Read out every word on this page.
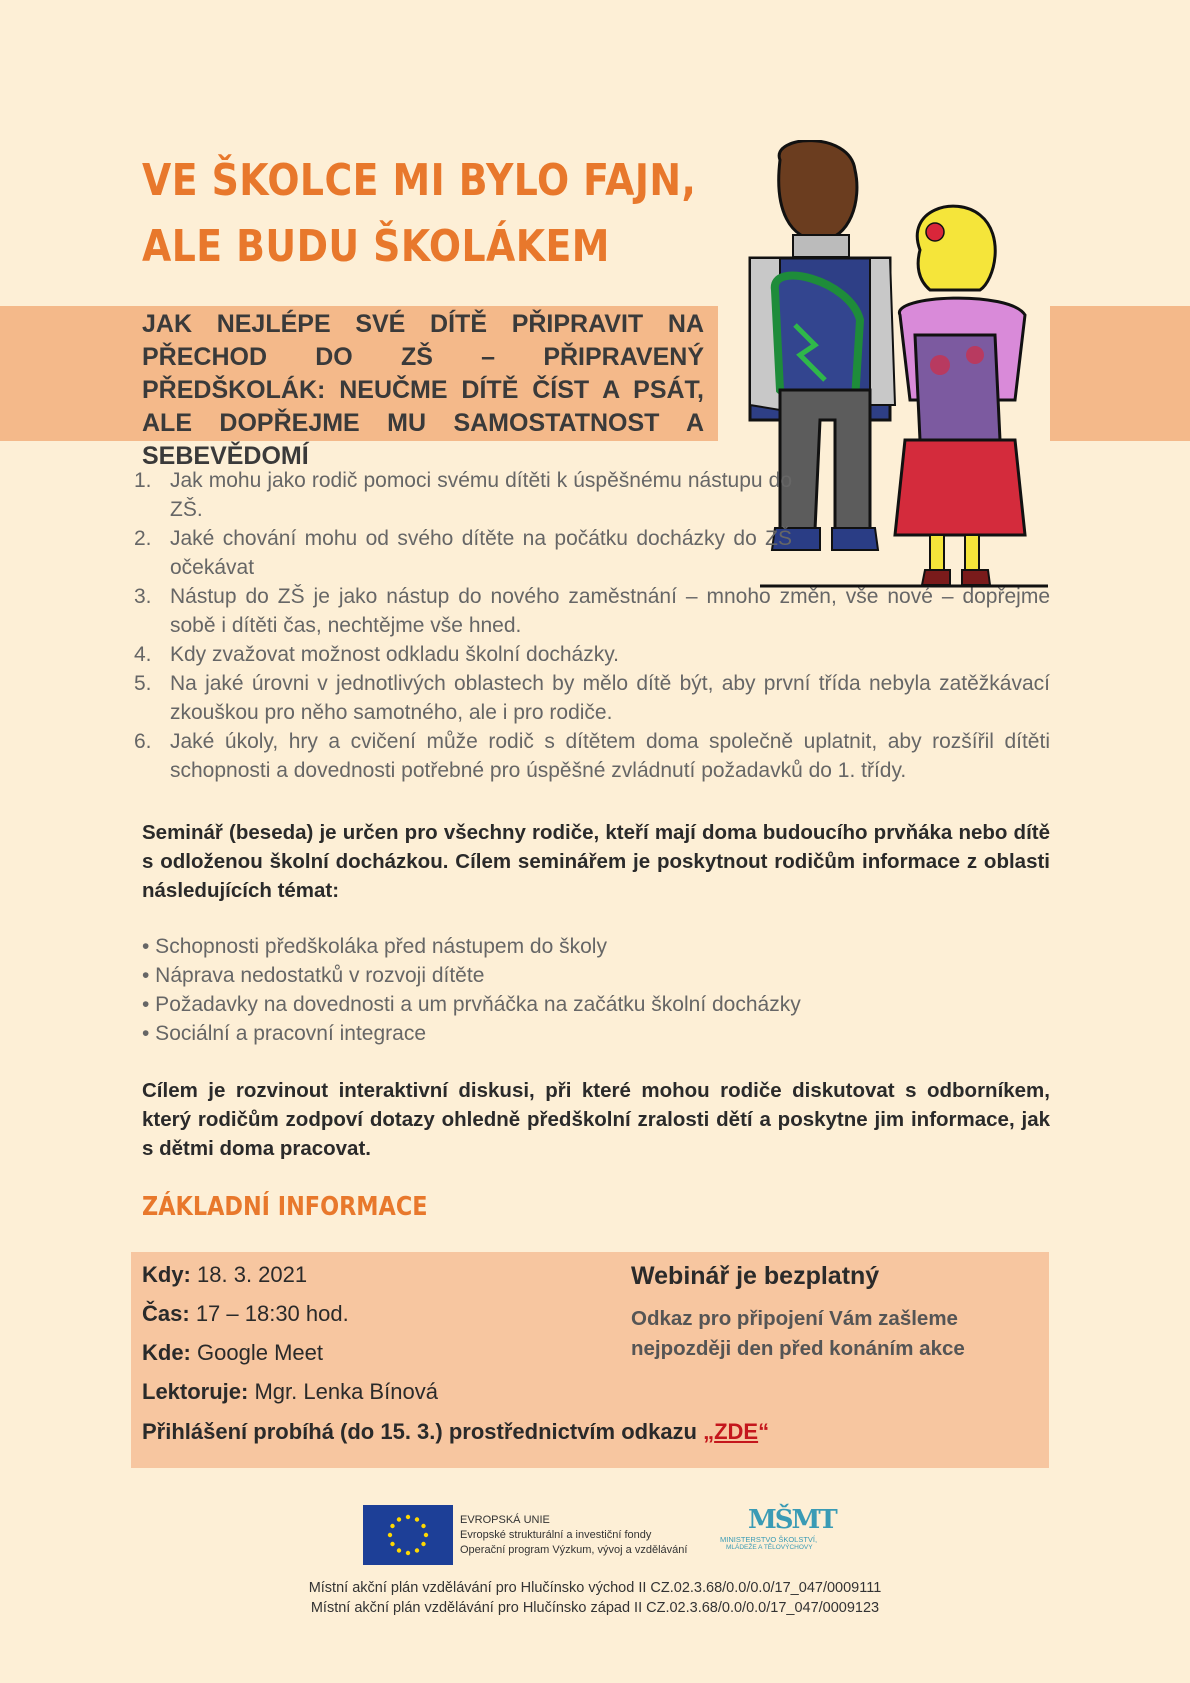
VE ŠKOLCE MI BYLO FAJN,
ALE BUDU ŠKOLÁKEM
JAK NEJLÉPE SVÉ DÍTĚ PŘIPRAVIT NA PŘECHOD DO ZŠ – PŘIPRAVENÝ PŘEDŠKOLÁK: NEUČME DÍTĚ ČÍST A PSÁT, ALE DOPŘEJME MU SAMOSTATNOST A SEBEVĚDOMÍ
1. Jak mohu jako rodič pomoci svému dítěti k úspěšnému nástupu do ZŠ.
2. Jaké chování mohu od svého dítěte na počátku docházky do ZŠ očekávat
3. Nástup do ZŠ je jako nástup do nového zaměstnání – mnoho změn, vše nové – dopřejme sobě i dítěti čas, nechtějme vše hned.
4. Kdy zvažovat možnost odkladu školní docházky.
5. Na jaké úrovni v jednotlivých oblastech by mělo dítě být, aby první třída nebyla zatěžkávací zkouškou pro něho samotného, ale i pro rodiče.
6. Jaké úkoly, hry a cvičení může rodič s dítětem doma společně uplatnit, aby rozšířil dítěti schopnosti a dovednosti potřebné pro úspěšné zvládnutí požadavků do 1. třídy.
Seminář (beseda) je určen pro všechny rodiče, kteří mají doma budoucího prvňáka nebo dítě s odloženou školní docházkou. Cílem seminářem je poskytnout rodičům informace z oblasti následujících témat:
• Schopnosti předškoláka před nástupem do školy
• Náprava nedostatků v rozvoji dítěte
• Požadavky na dovednosti a um prvňáčka na začátku školní docházky
• Sociální a pracovní integrace
Cílem je rozvinout interaktivní diskusi, při které mohou rodiče diskutovat s odborníkem, který rodičům zodpoví dotazy ohledně předškolní zralosti dětí a poskytne jim informace, jak s dětmi doma pracovat.
ZÁKLADNÍ INFORMACE
Kdy: 18. 3. 2021
Čas: 17 – 18:30 hod.
Kde: Google Meet
Lektoruje: Mgr. Lenka Bínová
Přihlášení probíhá (do 15. 3.) prostřednictvím odkazu „ZDE“
Webinář je bezplatný
Odkaz pro připojení Vám zašleme nejpozději den před konáním akce
EVROPSKÁ UNIE
Evropské strukturální a investiční fondy
Operační program Výzkum, vývoj a vzdělávání
MŠMT
MINISTERSTVO ŠKOLSTVÍ,
MLÁDEŽE A TĚLOVÝCHOVY
Místní akční plán vzdělávání pro Hlučínsko východ II CZ.02.3.68/0.0/0.0/17_047/0009111
Místní akční plán vzdělávání pro Hlučínsko západ II CZ.02.3.68/0.0/0.0/17_047/0009123
